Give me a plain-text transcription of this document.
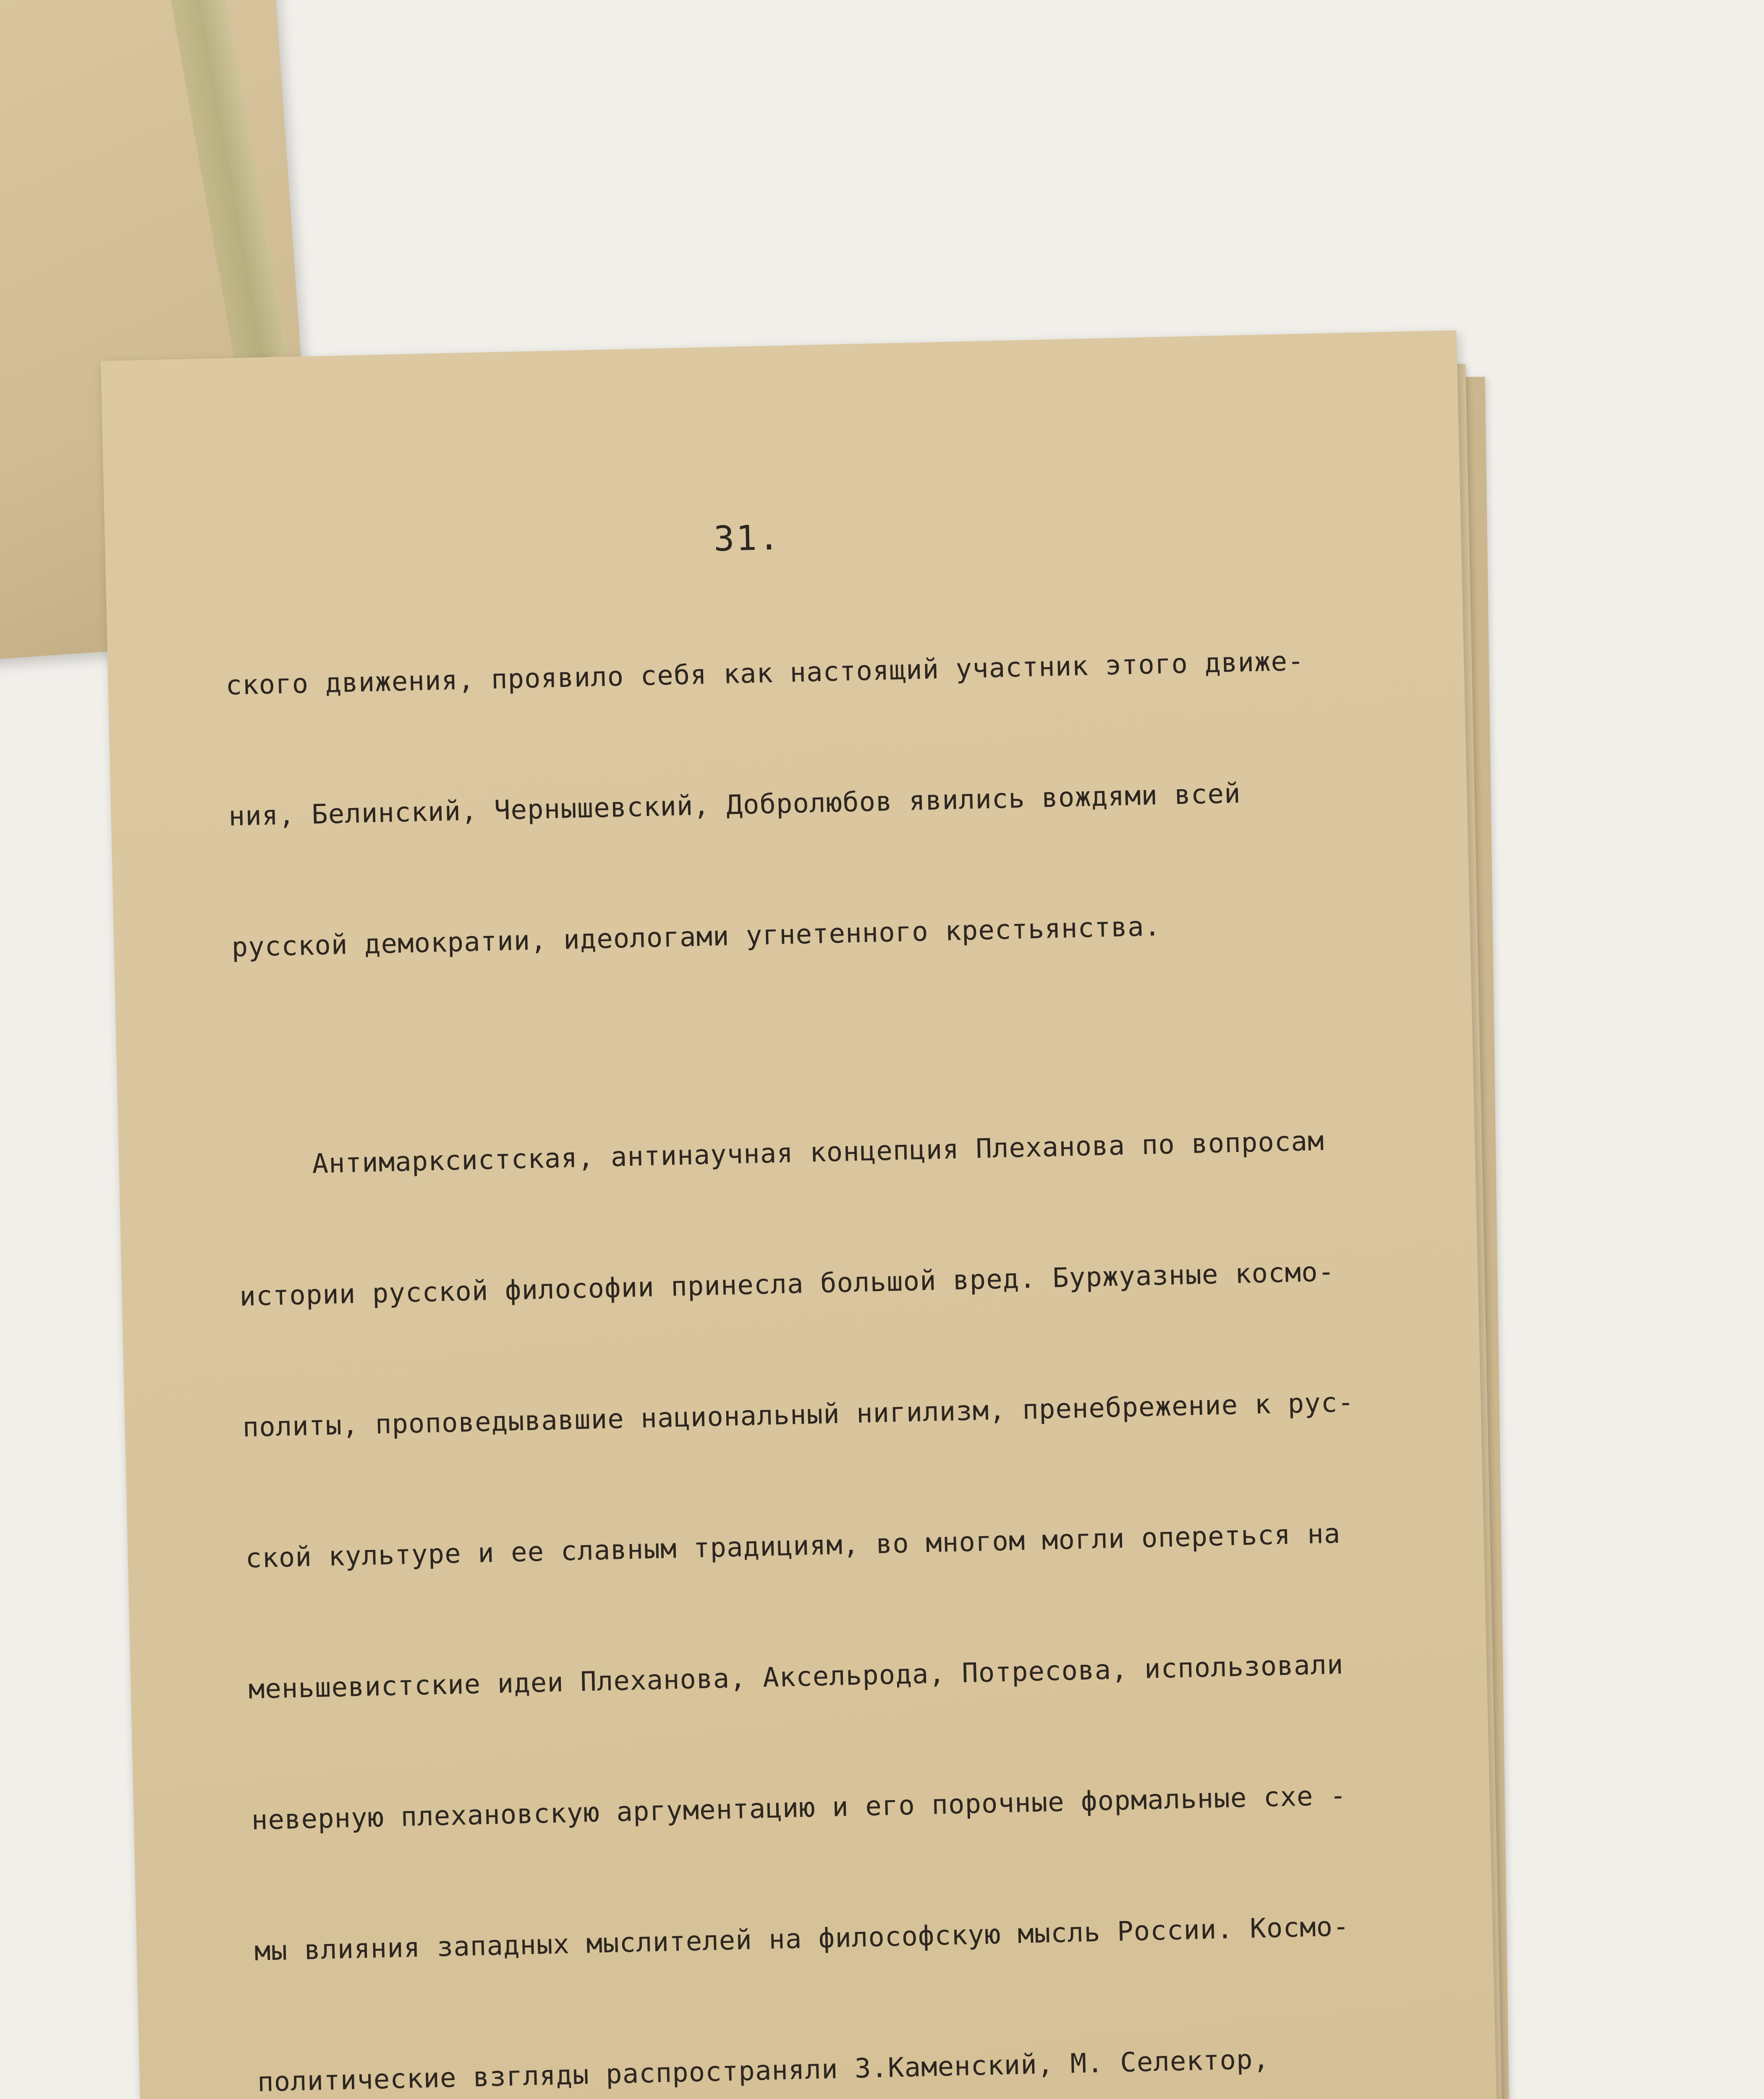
31.

ского движения, проявило себя как настоящий участник этого движе-

ния, Белинский, Чернышевский, Добролюбов явились вождями всей

русской демократии, идеологами угнетенного крестьянства.

Антимарксистская, антинаучная концепция Плеханова по вопросам

истории русской философии принесла большой вред. Буржуазные космо-

политы, проповедывавшие национальный нигилизм, пренебрежение к рус-

ской культуре и ее славным традициям, во многом могли опереться на

меньшевистские идеи Плеханова, Аксельрода, Потресова, использовали

неверную плехановскую аргументацию и его порочные формальные схе -

мы влияния западных мыслителей на философскую мысль России. Космо-

политические взгляды распространяли З.Каменский, М. Селектор,
